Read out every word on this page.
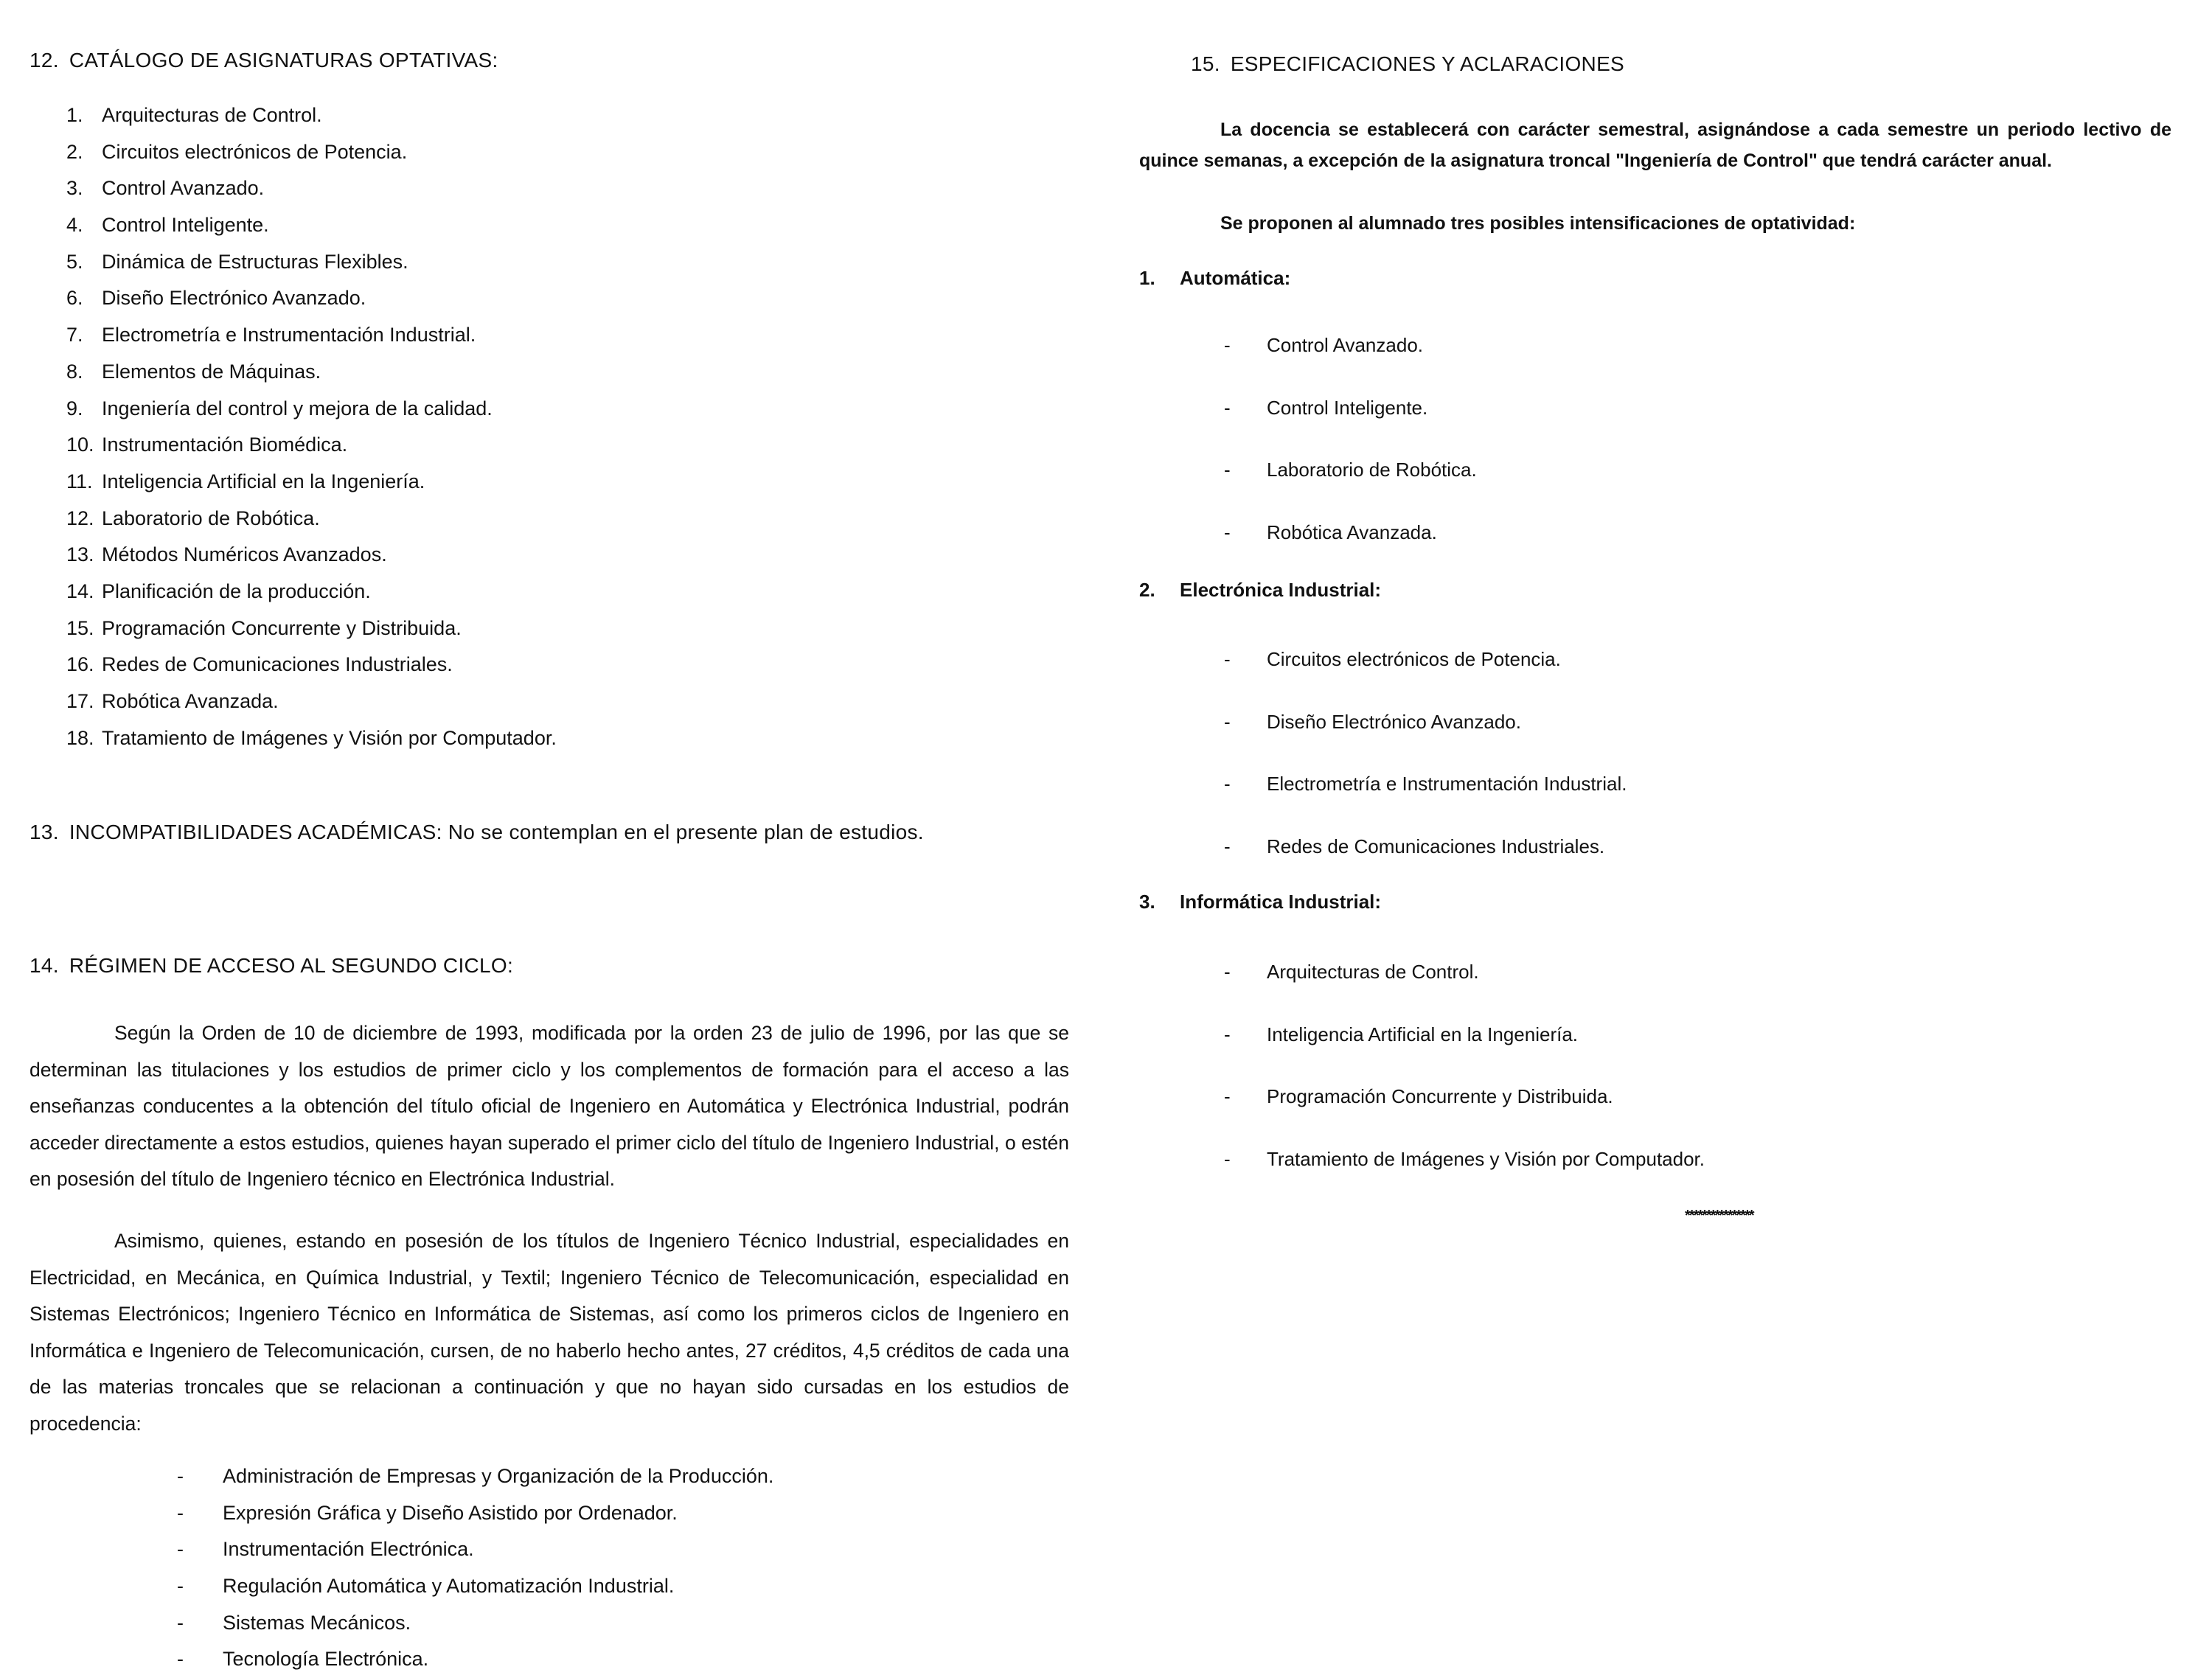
12. CATÁLOGO DE ASIGNATURAS OPTATIVAS:
1. Arquitecturas de Control.
2. Circuitos electrónicos de Potencia.
3. Control Avanzado.
4. Control Inteligente.
5. Dinámica de Estructuras Flexibles.
6. Diseño Electrónico Avanzado.
7. Electrometría e Instrumentación Industrial.
8. Elementos de Máquinas.
9. Ingeniería del control y mejora de la calidad.
10. Instrumentación Biomédica.
11. Inteligencia Artificial en la Ingeniería.
12. Laboratorio de Robótica.
13. Métodos Numéricos Avanzados.
14. Planificación de la producción.
15. Programación Concurrente y Distribuida.
16. Redes de Comunicaciones Industriales.
17. Robótica Avanzada.
18. Tratamiento de Imágenes y Visión por Computador.
13. INCOMPATIBILIDADES ACADÉMICAS: No se contemplan en el presente plan de estudios.
14. RÉGIMEN DE ACCESO AL SEGUNDO CICLO:

Según la Orden de 10 de diciembre de 1993, modificada por la orden 23 de julio de 1996, por las que se determinan las titulaciones y los estudios de primer ciclo y los complementos de formación para el acceso a las enseñanzas conducentes a la obtención del título oficial de Ingeniero en Automática y Electrónica Industrial, podrán acceder directamente a estos estudios, quienes hayan superado el primer ciclo del título de Ingeniero Industrial, o estén en posesión del título de Ingeniero técnico en Electrónica Industrial.

Asimismo, quienes, estando en posesión de los títulos de Ingeniero Técnico Industrial, especialidades en Electricidad, en Mecánica, en Química Industrial, y Textil; Ingeniero Técnico de Telecomunicación, especialidad en Sistemas Electrónicos; Ingeniero Técnico en Informática de Sistemas, así como los primeros ciclos de Ingeniero en Informática e Ingeniero de Telecomunicación, cursen, de no haberlo hecho antes, 27 créditos, 4,5 créditos de cada una de las materias troncales que se relacionan a continuación y que no hayan sido cursadas en los estudios de procedencia:

- Administración de Empresas y Organización de la Producción.
- Expresión Gráfica y Diseño Asistido por Ordenador.
- Instrumentación Electrónica.
- Regulación Automática y Automatización Industrial.
- Sistemas Mecánicos.
- Tecnología Electrónica.
15. ESPECIFICACIONES Y ACLARACIONES

La docencia se establecerá con carácter semestral, asignándose a cada semestre un periodo lectivo de quince semanas, a excepción de la asignatura troncal "Ingeniería de Control" que tendrá carácter anual.

Se proponen al alumnado tres posibles intensificaciones de optatividad:

1. Automática:
- Control Avanzado.
- Control Inteligente.
- Laboratorio de Robótica.
- Robótica Avanzada.
2. Electrónica Industrial:
- Circuitos electrónicos de Potencia.
- Diseño Electrónico Avanzado.
- Electrometría e Instrumentación Industrial.
- Redes de Comunicaciones Industriales.
3. Informática Industrial:
- Arquitecturas de Control.
- Inteligencia Artificial en la Ingeniería.
- Programación Concurrente y Distribuida.
- Tratamiento de Imágenes y Visión por Computador.
****************
